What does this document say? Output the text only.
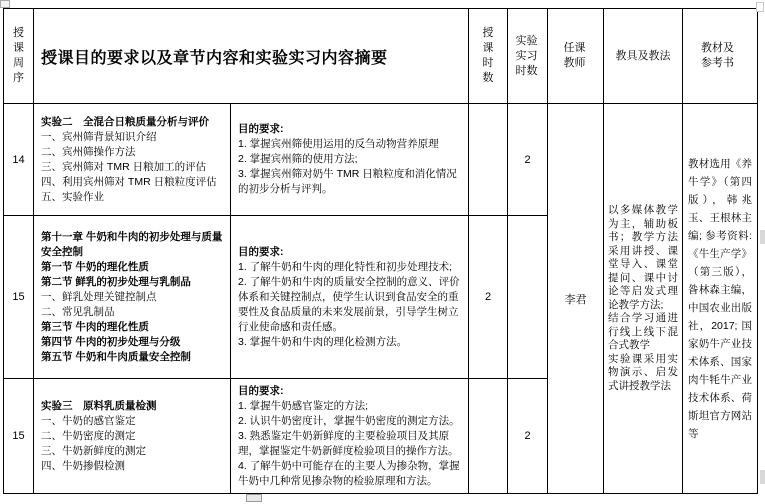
授课周序
授课目的要求以及章节内容和实验实习内容摘要
授课时数
实验实习时数
任课教师
教具及教法
教材及参考书
14
实验二　全混合日粮质量分析与评价
一、宾州筛背景知识介绍
二、宾州筛操作方法
三、宾州筛对 TMR 日粮加工的评估
四、利用宾州筛对 TMR 日粮粒度评估
五、实验作业
目的要求:
1. 掌握宾州筛使用运用的反刍动物营养原理
2. 掌握宾州筛的使用方法;
3. 掌握宾州筛对奶牛 TMR 日粮粒度和消化情况的初步分析与评判。
2
15
第十一章 牛奶和牛肉的初步处理与质量安全控制
第一节 牛奶的理化性质
第二节 鲜乳的初步处理与乳制品
一、鲜乳处理关键控制点
二、常见乳制品
第三节 牛肉的理化性质
第四节 牛肉的初步处理与分级
第五节 牛奶和牛肉质量安全控制
目的要求:
1. 了解牛奶和牛肉的理化特性和初步处理技术;
2. 了解牛奶和牛肉的质量安全控制的意义、评价体系和关键控制点，使学生认识到食品安全的重要性及食品质量的未来发展前景，引导学生树立行业使命感和责任感。
3. 掌握牛奶和牛肉的理化检测方法。
2
15
实验三　原料乳质量检测
一、牛奶的感官鉴定
二、牛奶密度的测定
三、牛奶新鲜度的测定
四、牛奶掺假检测
目的要求:
1. 掌握牛奶感官鉴定的方法;
2. 认识牛奶密度计，掌握牛奶密度的测定方法。
3. 熟悉鉴定牛奶新鲜度的主要检验项目及其原理，掌握鉴定牛奶新鲜度检验项目的操作方法。
4. 了解牛奶中可能存在的主要人为掺杂物，掌握牛奶中几种常见掺杂物的检验原理和方法。
2
李君
以多媒体教学为主，辅助板书；教学方法采用讲授、课堂导入、课堂提问、课中讨论等启发式理论教学方法;
结合学习通进行线上线下混合式教学
实验课采用实物演示、启发式讲授教学法
教材选用《养牛学》（第四版），韩兆玉、王根林主编; 参考资料:《牛生产学》（第三版），昝林森主编，中国农业出版社，2017; 国家奶牛产业技术体系、国家肉牛牦牛产业技术体系、荷斯坦官方网站等
